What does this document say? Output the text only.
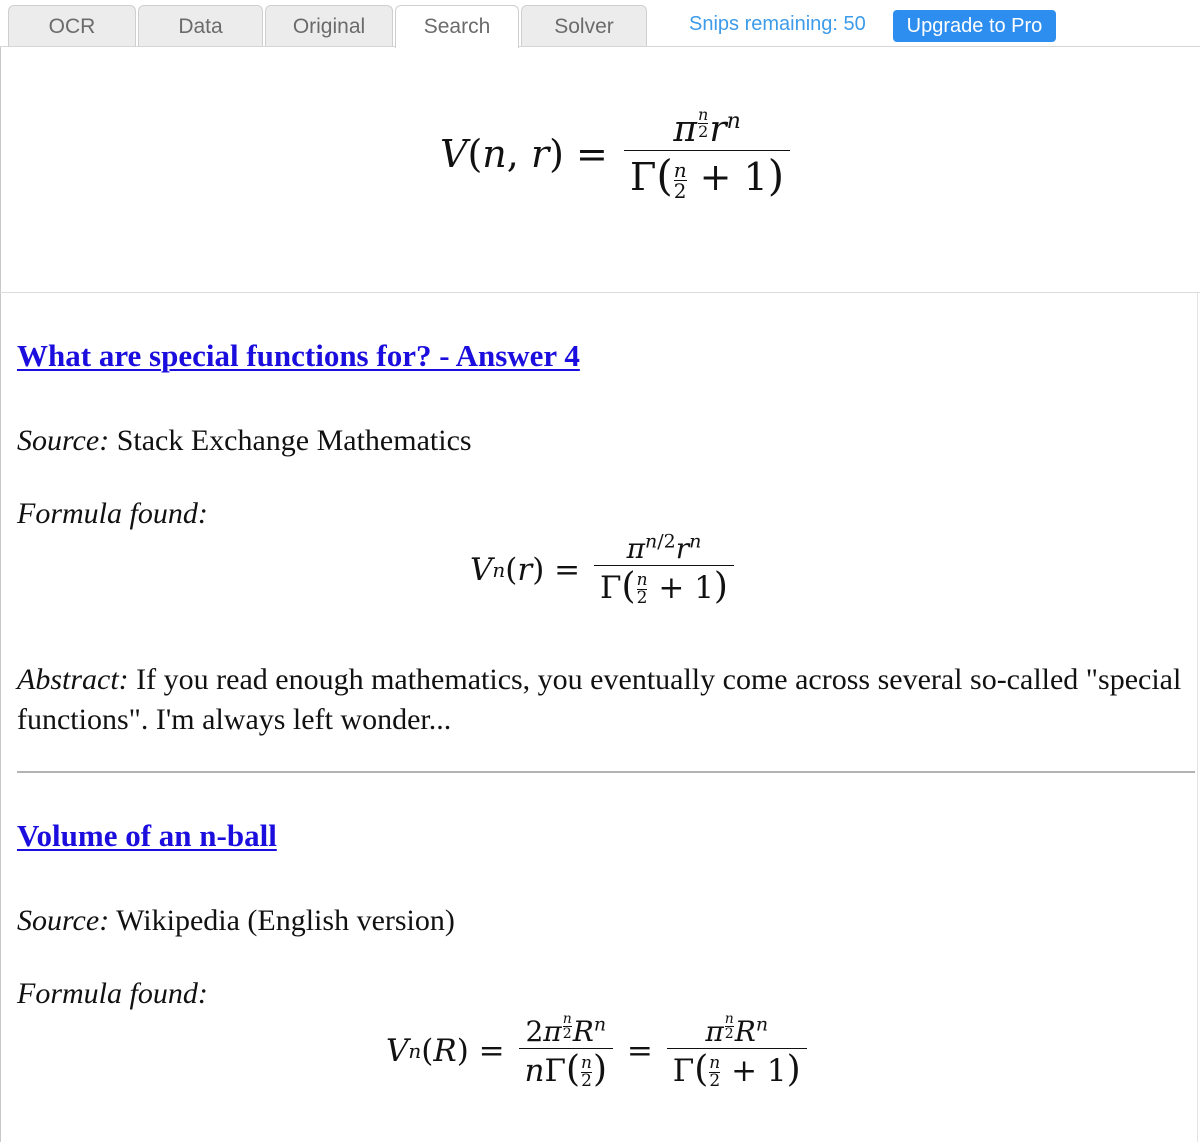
OCR	Data	Original	Search	Solver	Snips remaining: 50	Upgrade to Pro
V ( n , r ) = π $^{\frac{n}{2}}$ $r^n$
$\Gamma( \frac{n}{2} + 1)$
What are special functions for? - Answer 4
Source: Stack Exchange Mathematics
Formula found:
V n ( r ) = $\frac{\pi^{n/2}r^n}{\Gamma( \frac{n}{2} + 1)}$
Abstract: If you read enough mathematics, you eventually come across several so-called "special functions". I'm always left wonder...
Volume of an n-ball
Source: Wikipedia (English version)
Formula found:
V n ( R ) = 2π $^{\frac{n}{2}}$ $R^n$
$n\Gamma( \frac{n}{2}$ ) = π $^{\frac{n}{2}}$ $R^n$
$\Gamma( \frac{n}{2} + 1)$
